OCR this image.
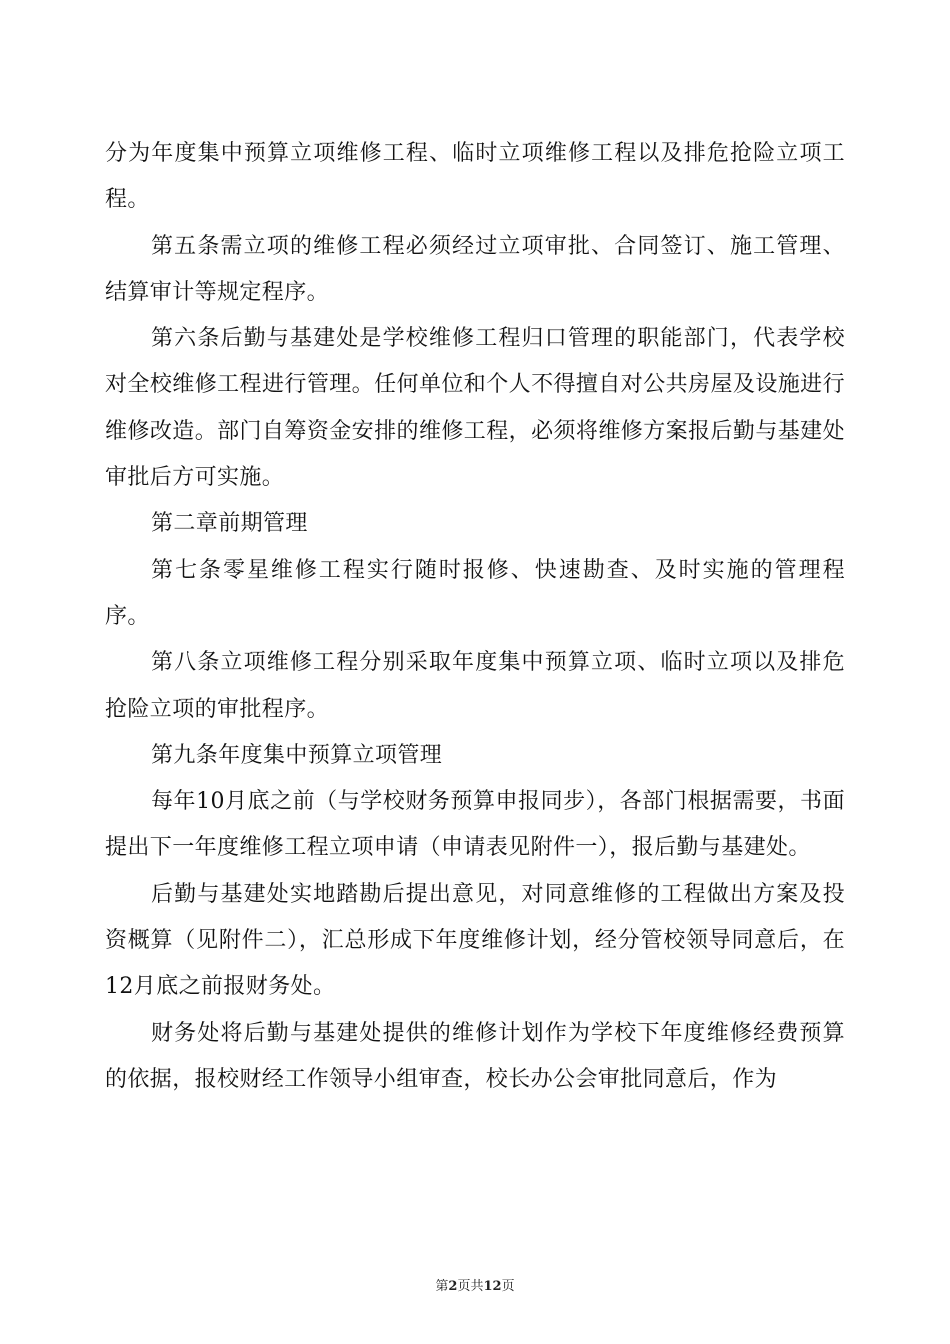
分为年度集中预算立项维修工程、临时立项维修工程以及排危抢险立项工程。

第五条需立项的维修工程必须经过立项审批、合同签订、施工管理、结算审计等规定程序。

第六条后勤与基建处是学校维修工程归口管理的职能部门，代表学校对全校维修工程进行管理。任何单位和个人不得擅自对公共房屋及设施进行维修改造。部门自筹资金安排的维修工程，必须将维修方案报后勤与基建处审批后方可实施。

第二章前期管理

第七条零星维修工程实行随时报修、快速勘查、及时实施的管理程序。

第八条立项维修工程分别采取年度集中预算立项、临时立项以及排危抢险立项的审批程序。

第九条年度集中预算立项管理

每年10月底之前（与学校财务预算申报同步），各部门根据需要，书面提出下一年度维修工程立项申请（申请表见附件一），报后勤与基建处。

后勤与基建处实地踏勘后提出意见，对同意维修的工程做出方案及投资概算（见附件二），汇总形成下年度维修计划，经分管校领导同意后，在12月底之前报财务处。

财务处将后勤与基建处提供的维修计划作为学校下年度维修经费预算的依据，报校财经工作领导小组审查，校长办公会审批同意后，作为

第2页共12页
